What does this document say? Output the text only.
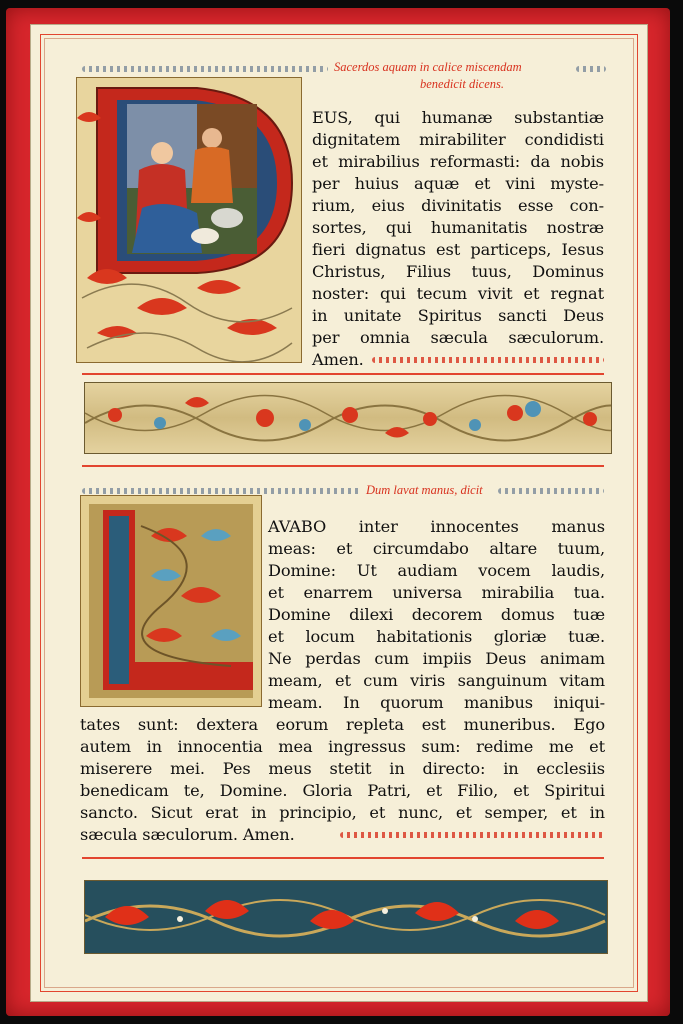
Sacerdos aquam in calice miscendam
benedicit dicens.
EUS, qui humanæ substantiæ
dignitatem mirabiliter condidisti
et mirabilius reformasti: da nobis
per huius aquæ et vini myste-
rium, eius divinitatis esse con-
sortes, qui humanitatis nostræ
fieri dignatus est particeps, Iesus
Christus, Filius tuus, Dominus
noster: qui tecum vivit et regnat
in unitate Spiritus sancti Deus
per omnia sæcula sæculorum.
Amen.
Dum lavat manus, dicit
AVABO inter innocentes manus
meas: et circumdabo altare tuum,
Domine: Ut audiam vocem laudis,
et enarrem universa mirabilia tua.
Domine dilexi decorem domus tuæ
et locum habitationis gloriæ tuæ.
Ne perdas cum impiis Deus animam
meam, et cum viris sanguinum vitam
meam. In quorum manibus iniqui-
tates sunt: dextera eorum repleta est muneribus. Ego
autem in innocentia mea ingressus sum: redime me et
miserere mei. Pes meus stetit in directo: in ecclesiis
benedicam te, Domine. Gloria Patri, et Filio, et Spiritui
sancto. Sicut erat in principio, et nunc, et semper, et in
sæcula sæculorum. Amen.
